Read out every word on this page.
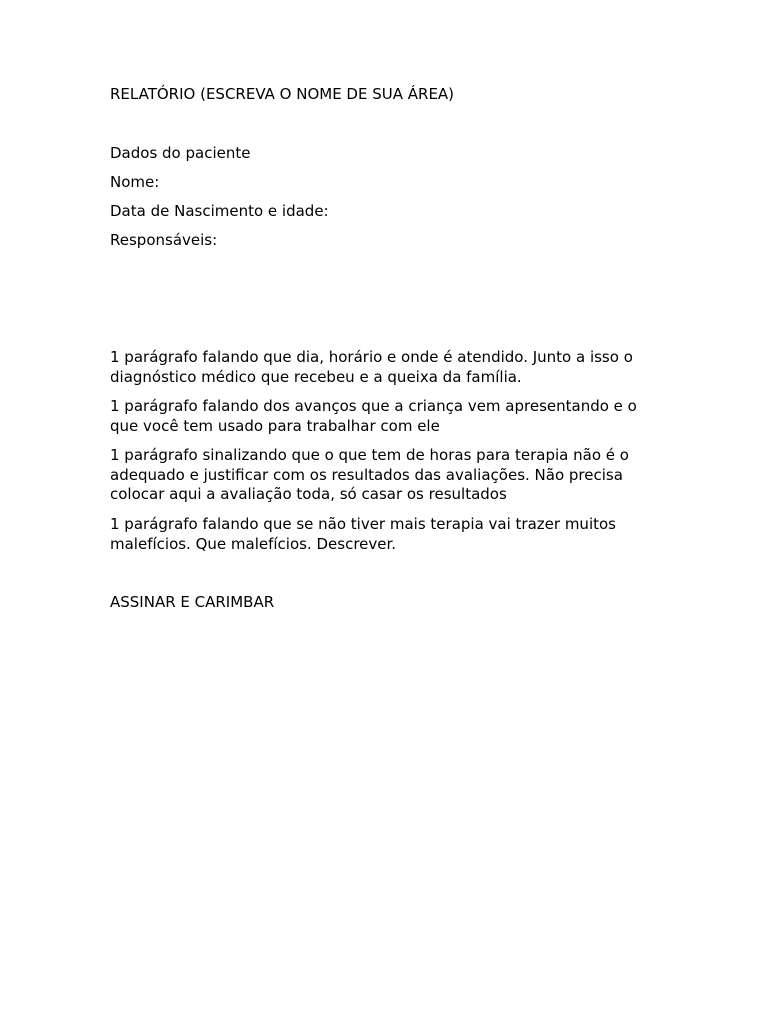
RELATÓRIO (ESCREVA O NOME DE SUA ÁREA)
Dados do paciente
Nome:
Data de Nascimento e idade:
Responsáveis:
1 parágrafo falando que dia, horário e onde é atendido. Junto a isso o
diagnóstico médico que recebeu e a queixa da família.
1 parágrafo falando dos avanços que a criança vem apresentando e o
que você tem usado para trabalhar com ele
1 parágrafo sinalizando que o que tem de horas para terapia não é o
adequado e justificar com os resultados das avaliações. Não precisa
colocar aqui a avaliação toda, só casar os resultados
1 parágrafo falando que se não tiver mais terapia vai trazer muitos
malefícios. Que malefícios. Descrever.
ASSINAR E CARIMBAR
